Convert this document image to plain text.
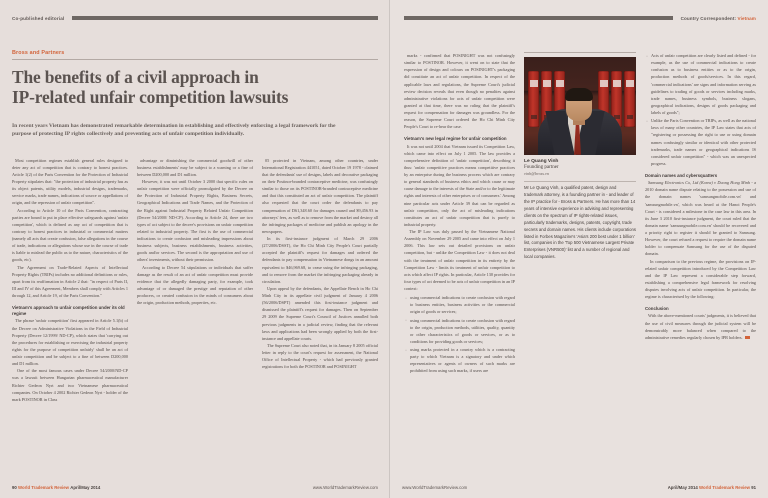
Co-published editorial
Bross and Partners
The benefits of a civil approach in
IP-related unfair competition lawsuits
In recent years Vietnam has demonstrated remarkable determination in establishing and effectively enforcing a legal framework for the purpose of protecting IP rights collectively and preventing acts of unfair competition individually.

Most competition regimes establish general rules designed to deter any act of competition that is contrary to honest practices. Article 1(2) of the Paris Convention for the Protection of Industrial Property stipulates that: "the protection of industrial property has as its object patents, utility models, industrial designs, trademarks, service marks, trade names, indications of source or appellations of origin, and the repression of unfair competition".

According to Article 10 of the Paris Convention, contracting parties are bound to put in place effective safeguards against 'unfair competition', which is defined as any act of competition that is contrary to honest practices in industrial or commercial matters (namely all acts that create confusion, false allegations in the course of trade, indications or allegations whose use in the course of trade is liable to mislead the public as to the nature, characteristics of the goods, etc).

The Agreement on Trade-Related Aspects of Intellectual Property Rights (TRIPs) includes no additional definitions or rules, apart from its reaffirmation in Article 2 that: "in respect of Parts II, III and IV of this Agreement, Members shall comply with Articles 1 through 12, and Article 19, of the Paris Convention."

Vietnam's approach to unfair competition under its old regime

The phrase 'unfair competition' first appeared in Article 5.1(b) of the Decree on Administrative Violations in the Field of Industrial Property (Decree 12/1999/ ND-CP), which states that 'carrying out the procedures for establishing or exercising the industrial property rights for the purpose of competition unfairly' shall be an act of unfair competition and be subject to a fine of between D200,000 and D1 million.

One of the most famous cases under Decree 54/2000/ND-CP was a lawsuit between Hungarian pharmaceutical manufacturer Richter Gedeon Nyrt and two Vietnamese pharmaceutical companies. On October 4 2002 Richter Gedeon Nyrt - holder of the mark POSTINOR in Class

advantage or diminishing the commercial goodwill of other business establishments' may be subject to a warning or a fine of between D200,000 and D1 million.

However, it was not until October 3 2000 that specific rules on unfair competition were officially promulgated by the Decree on the Protection of Industrial Property Rights, Business Secrets, Geographical Indications and Trade Names, and the Protection of the Right against Industrial Property Related Unfair Competition (Decree 54/2000/ ND-CP). According to Article 24, there are two types of act subject to the decree's provisions on unfair competition related to industrial property. The first is the use of commercial indications to create confusion and misleading impressions about business subjects, business establishments, business activities, goods and/or services. The second is the appropriation and use of others' investments, without their permission.

According to Decree 54 stipulations or individuals that suffer damage as the result of an act of unfair competition must provide evidence that the allegedly damaging party, for example, took advantage of or damaged the prestige and reputation of other producers, or created confusion in the minds of consumers about the origin, production methods, properties, etc.

05 protected in Vietnam, among other countries, under International Registration 441051, dated October 19 1978 - claimed that the defendants' use of designs, labels and decorative packaging on their Postinor-branded contraceptive medicine, was confusingly similar to those on its POSTINOR-branded contraceptive medicine and that this constituted an act of unfair competition. The plaintiff also requested that the court order the defendants to pay compensation of D61,348.60 for damages caused and $9,456.93 in attorneys' fees, as well as to remove from the market and destroy all the infringing packages of medicine and publish an apology in the newspapers.

In its first-instance judgment of March 29 2006 (27/2006/DSST), the Ho Chi Minh City People's Court partially accepted the plaintiff's request for damages and ordered the defendants to pay compensation in Vietnamese dongs in an amount equivalent to $46,969.68, to cease using the infringing packaging, and to remove from the market the infringing packaging already in circulation.

Upon appeal by the defendants, the Appellate Bench in Ho Chi Minh City in its appellate civil judgment of January 4 2006 (56/2006/DSPT) amended this first-instance judgment and dismissed the plaintiff's request for damages. Then on September 29 2009 the Supreme Court's Council of Justices annulled both previous judgments in a judicial review, finding that the relevant laws and applications had been wrongly applied by both the first-instance and appellate courts.

The Supreme Court also noted that, in its January 8 2005 official letter in reply to the court's request for assessment, the National Office of Intellectual Property - which had previously granted registrations for both the POSTINOR and POSINIGHT

90 World Trademark Review April/May 2014	www.WorldTrademarkReview.com
Country Correspondent: Vietnam

marks - confirmed that POSINIGHT was not confusingly similar to POSTINOR. However, it went on to state that the expression of design and colours on POSINIGHT's packaging did constitute an act of unfair competition. In respect of the applicable laws and regulations, the Supreme Court's judicial review decision reveals that even though no penalties against administrative violations for acts of unfair competition were granted at that time, there was no ruling that the plaintiff's request for compensation for damages was groundless. For the reason, the Supreme Court ordered the Ho Chi Minh City People's Court to re-hear the case.

Vietnam's new legal regime for unfair competition

It was not until 2004 that Vietnam issued its Competition Law, which came into effect on July 1 2005. The law provides a comprehensive definition of 'unfair competition', describing it thus: 'unfair competitive practices means competitive practices by an enterprise during the business process which are contrary to general standards of business ethics and which cause or may cause damage to the interests of the State and/or to the legitimate rights and interests of other enterprises or of consumers.' Among nine particular acts under Article 39 that can be regarded as unfair competition, only the act of misleading indications constitutes an act of unfair competition that is purely to industrial property.

The IP Law was duly passed by the Vietnamese National Assembly on November 29 2005 and came into effect on July 1 2006. This law sets out detailed provisions on unfair competition, but - unlike the Competition Law - it does not deal with the treatment of unfair competition in its entirety by the Competition Law - limits its treatment of unfair competition to acts which affect IP rights. In particular, Article 130 provides for four types of act deemed to be acts of unfair competition in an IP context:

· using commercial indications to create confusion with regard to business entities, business activities or the commercial origin of goods or services;
· using commercial indications to create confusion with regard to the origin, production methods, utilities, quality, quantity or other characteristics of goods or services, or as to conditions for providing goods or services;
· using marks protected in a country which is a contracting party to which Vietnam is a signatory and under which representatives or agents of owners of such marks are prohibited from using such marks, if users are
Le Quang Vinh
Founding partner
vinh@bross.vn
Mr Le Quang Vinh, a qualified patent, design and trademark attorney, is a founding partner in - and leader of the IP practice for - Bross & Partners. He has more than 14 years of intensive experience in advising and representing clients on the spectrum of IP rights-related issues, particularly trademarks, designs, patents, copyright, trade secrets and domain names. His clients include corporations listed in Forbes Magazine's 'Asia's 200 best under 1 billion' list, companies in the 'Top 500 Vietnamese Largest Private Enterprises (VNR500)' list and a number of regional and local companies.
· Acts of unfair competition are clearly listed and defined - for example, as the use of commercial indications to create confusion as to business entities or as to the origin, production methods of goods/services. In this regard, 'commercial indications' are signs and information serving as guidelines to trading of goods or services including marks, trade names, business symbols, business slogans, geographical indications, designs of goods packaging and labels of goods";
· Unlike the Paris Convention or TRIPs, as well as the national laws of many other countries, the IP Law states that acts of "registering or possessing the right to use or using domain names confusingly similar or identical with other protected trademarks, trade names or geographical indications IS considered unfair competition" - which was an unexpected progress.
Domain names and cybersquatters

Samsung Electronics Co, Ltd (Korea) v Duong Hong Minh - a 2010 domain name dispute relating to the possession and use of the domain names 'samsungmobile.com.vn' and 'samsungmobile.vn', which was heard at the Hanoi People's Court - is considered a milestone in the case law in this area. In its June 3 2010 first-instance judgment, the court ruled that the domain name 'samsungmobile.com.vn' should be recovered and a priority right to register it should be granted to Samsung. However, the court refused a request to require the domain name holder to compensate Samsung for the use of the disputed domain.

In comparison to the previous regime, the provisions on IP-related unfair competition introduced by the Competition Law and the IP Law represent a considerable step forward, establishing a comprehensive legal framework for resolving disputes involving acts of unfair competition. In particular, the regime is characterised by the following:

Conclusion

With the above-mentioned courts' judgments, it is believed that the use of civil measures through the judicial system will be demonstrably more balanced when compared to the administrative remedies regularly chosen by IPR holders.

www.WorldTrademarkReview.com	April/May 2014 World Trademark Review 91
